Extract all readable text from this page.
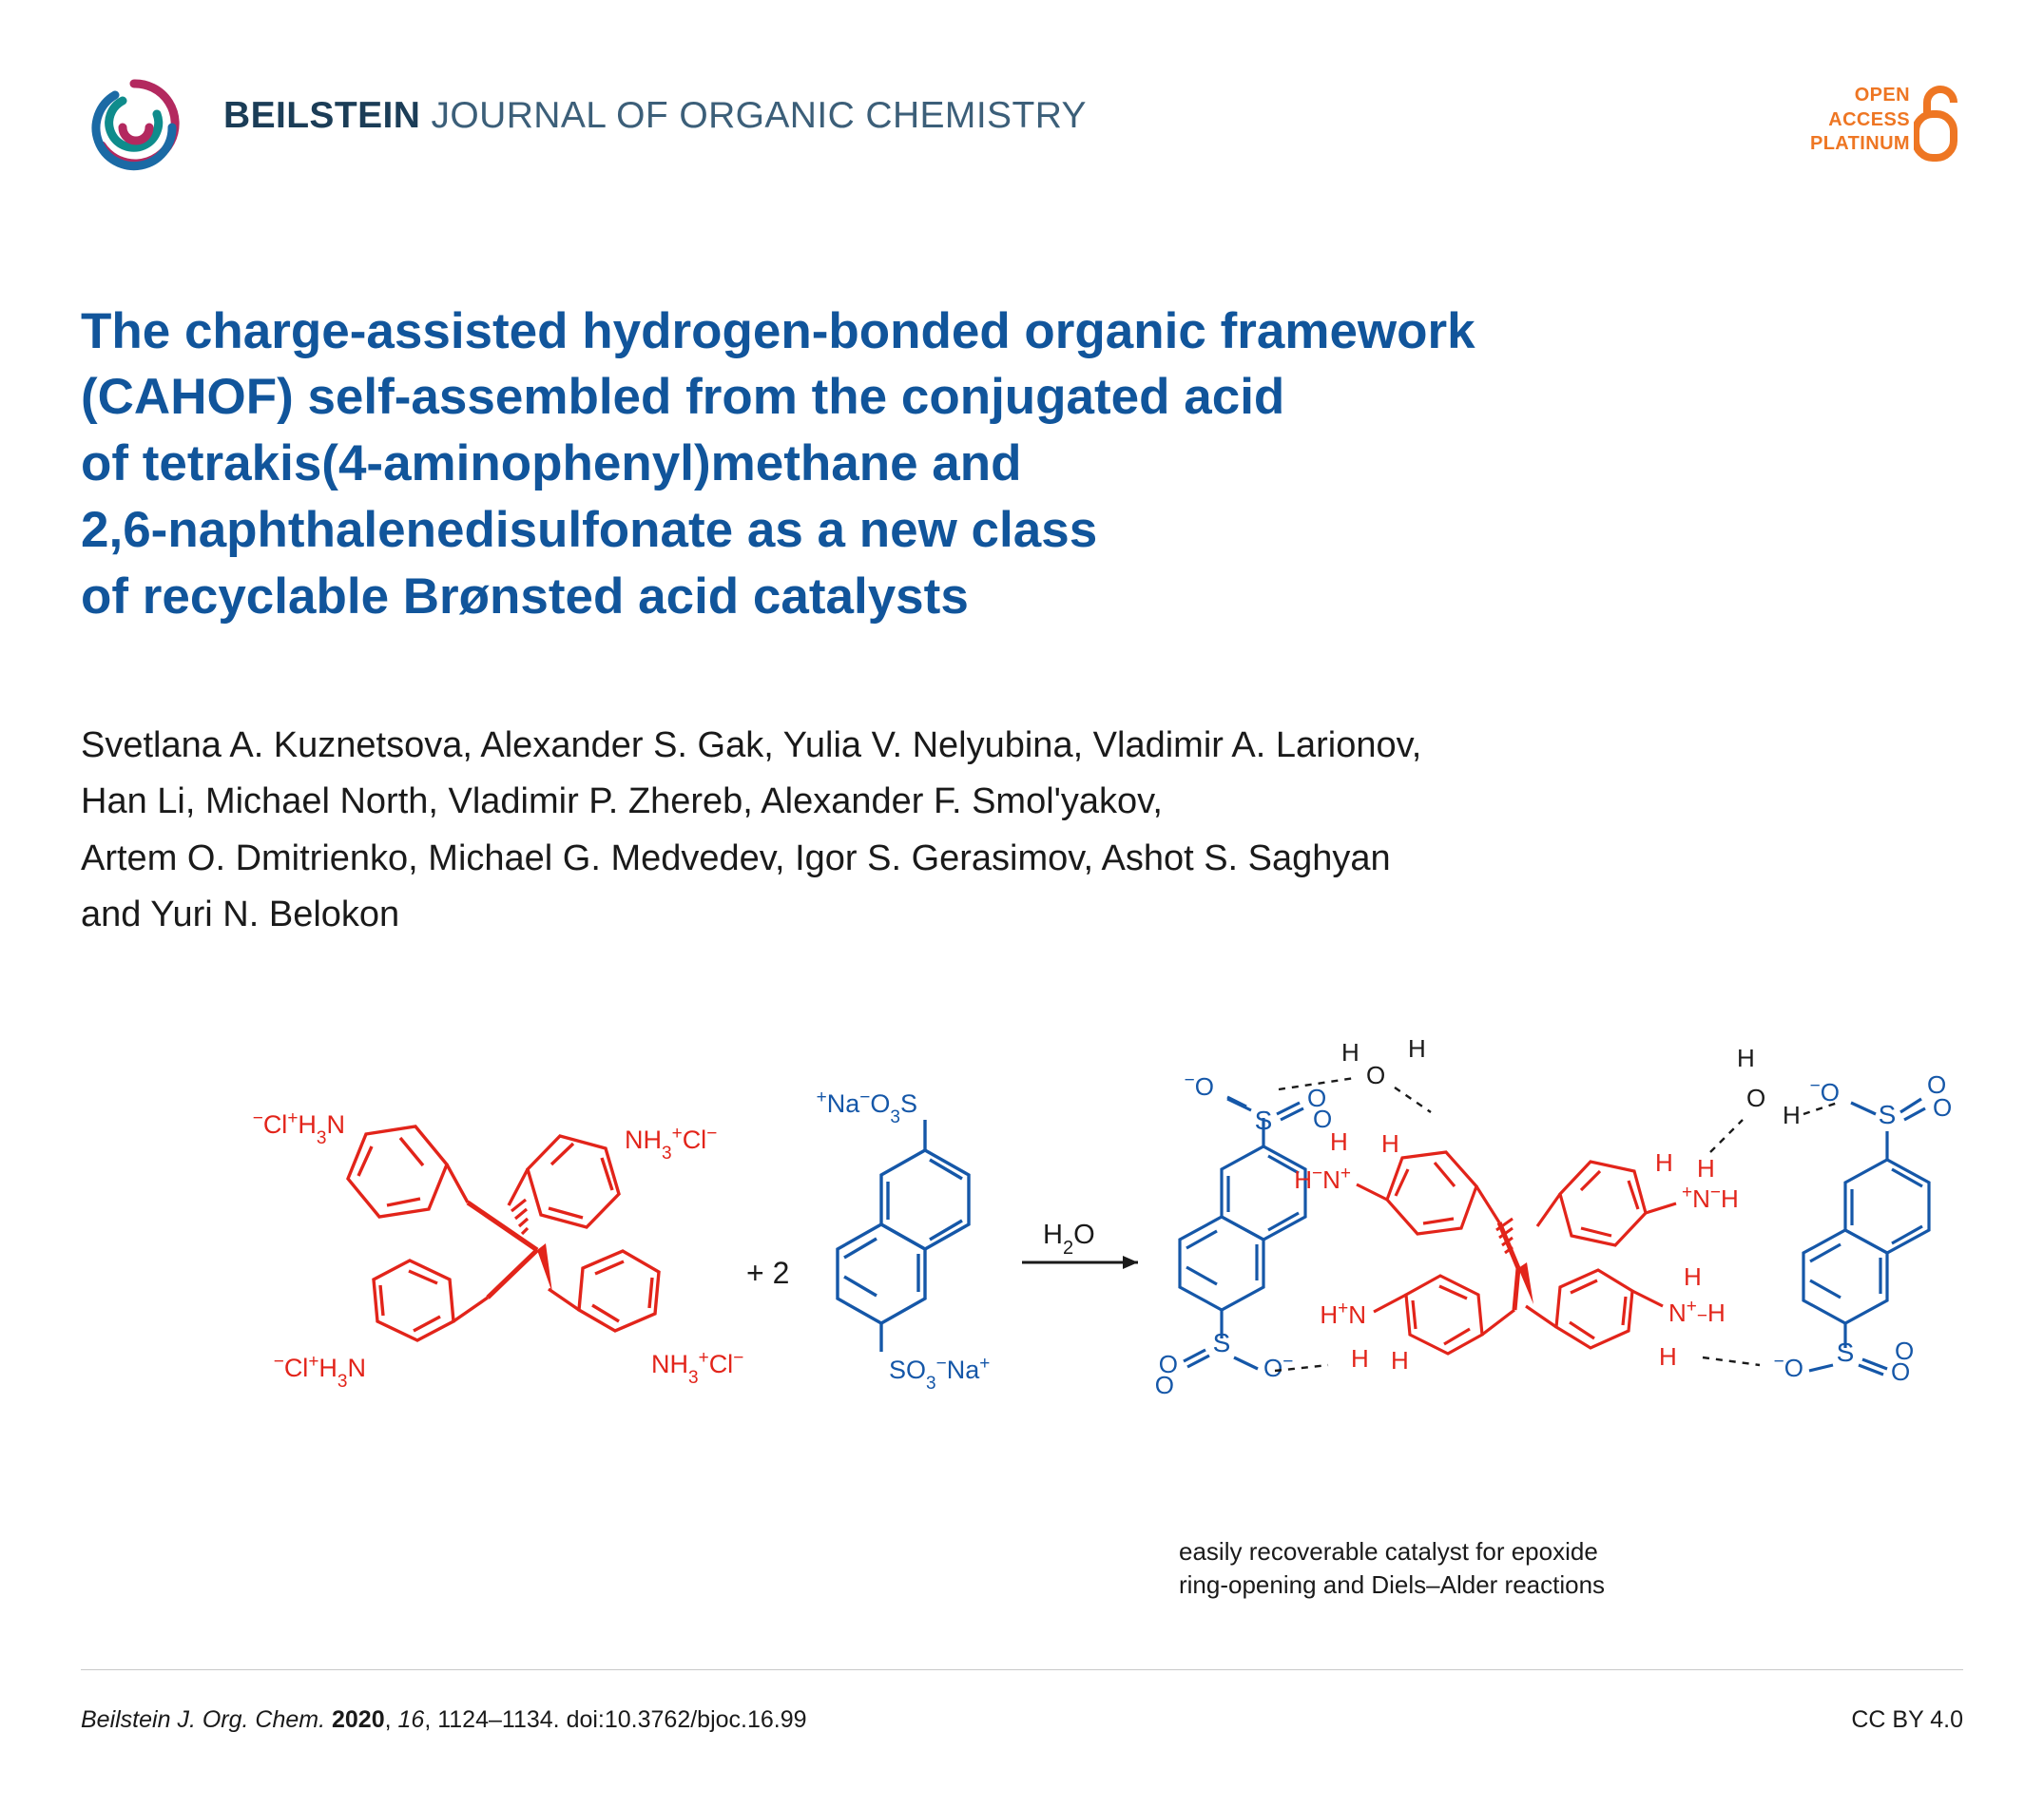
BEILSTEIN JOURNAL OF ORGANIC CHEMISTRY	OPEN
ACCESS
PLATINUM
The charge-assisted hydrogen-bonded organic framework
(CAHOF) self-assembled from the conjugated acid
of tetrakis(4-aminophenyl)methane and
2,6-naphthalenedisulfonate as a new class
of recyclable Brønsted acid catalysts
Svetlana A. Kuznetsova, Alexander S. Gak, Yulia V. Nelyubina, Vladimir A. Larionov,
Han Li, Michael North, Vladimir P. Zhereb, Alexander F. Smol'yakov,
Artem O. Dmitrienko, Michael G. Medvedev, Igor S. Gerasimov, Ashot S. Saghyan
and Yuri N. Belokon
$^-Cl^+H_3N$
$NH_3^+Cl^-$
$^-Cl^+H_3N$	$NH_3^+Cl^-$
+ 2
$^+Na^-O_3S$
$SO_3^-Na^+$
$H_2O$
S
−O	O
O
S
O
O
O−
H H
O
H−N+
H H
+N−H
H H
H+N
H H
N+−H
H
H
H
O
H	S
−O	O
O
S
−O	O
O
easily recoverable catalyst for epoxide
ring-opening and Diels–Alder reactions
Beilstein J. Org. Chem. 2020, 16, 1124–1134. doi:10.3762/bjoc.16.99	CC BY 4.0
